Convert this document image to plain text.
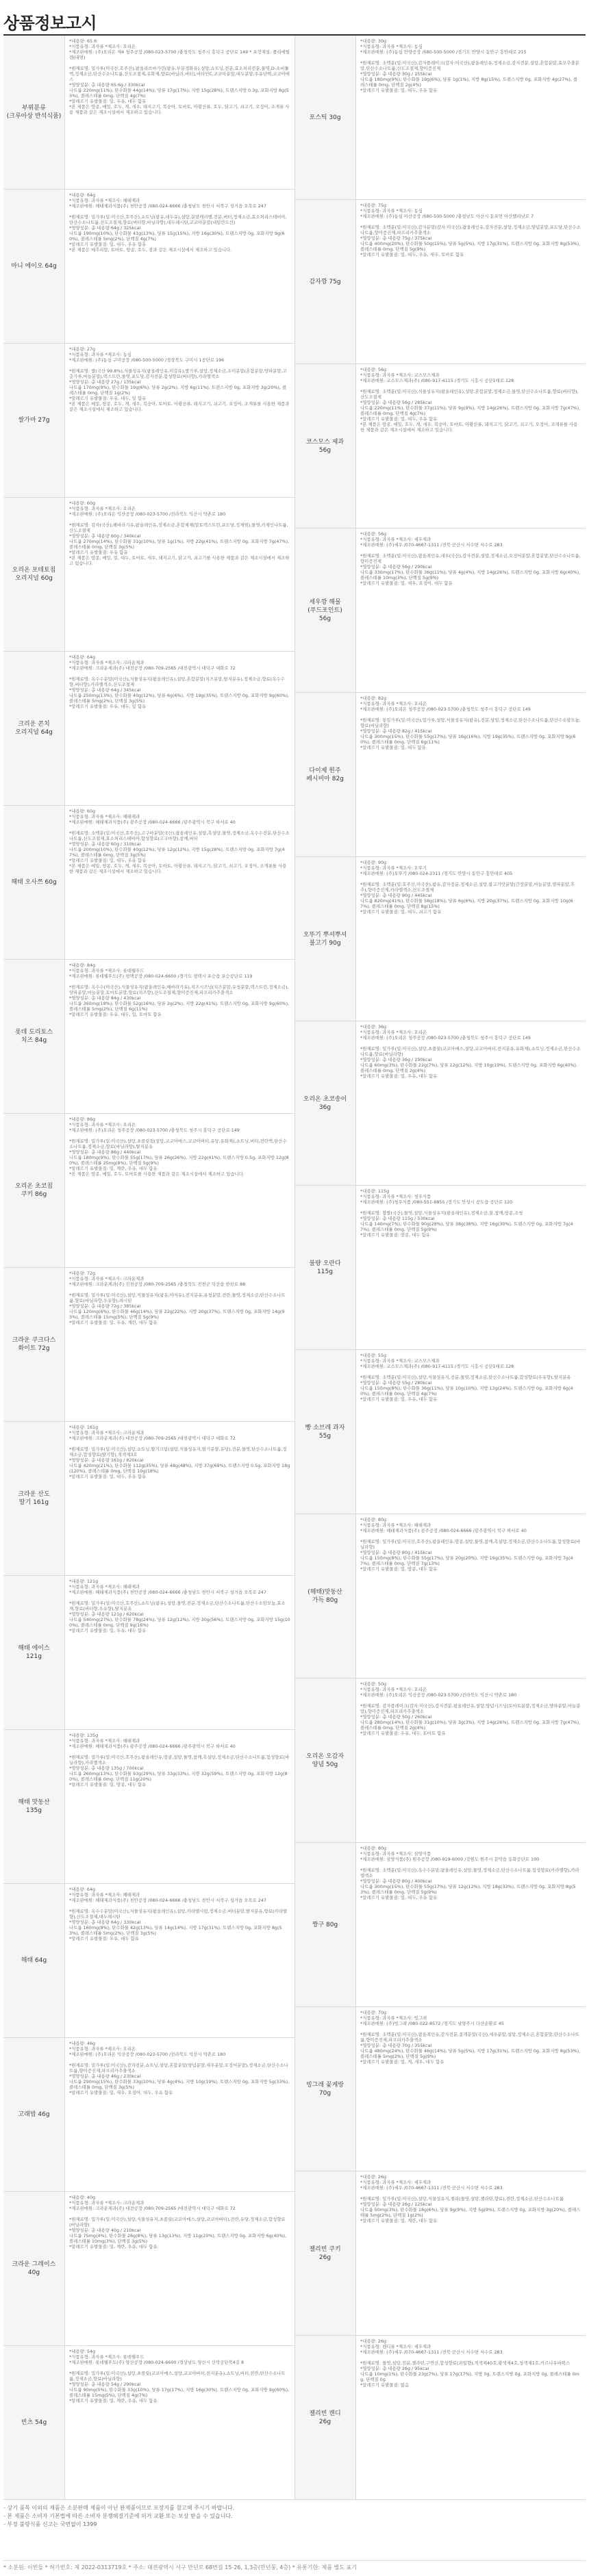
상품정보고시
부위분류
(크루아상 반석식품)
*내용량: 65.6
*식품유형: 과자류 *제조사: 오리온
*제조판매원: (주)오리온 제4 청주공장 /080-023-5700 /충청북도 청주시 흥덕구 공단로 149 * 포장재질: 폴리에틸렌(내면)

*원재료명: 밀가루(미국산,호주산),팜올리브마가린(팜유,부분경화유),설탕,쇼트닝,전분,효소처리전분,물엿,D-소비톨액,정제소금,탄산수소나트륨,산도조절제,유화제,향료(바닐라,버터),비타민C,코코아분말,대두분말,우유단백,코코아매스
*영양성분: 총 내용량 65.6g / 330kcal
나트륨 220mg(11%), 탄수화물 44g(14%), 당류 17g(17%), 지방 15g(28%), 트랜스지방 0.3g, 포화지방 8g(53%), 콜레스테롤 0mg, 단백질 4g(7%)
*알레르기 유발물질: 밀, 우유, 대두 함유
*본 제품은 땅콩, 메밀, 호두, 게, 새우, 돼지고기, 복숭아, 토마토, 아황산류, 호두, 닭고기, 쇠고기, 오징어, 조개류 사용 제품과 같은 제조시설에서 제조하고 있습니다.
마니 에이오 64g
*내용량: 64g
*식품유형: 과자류 *제조사: 해태제과
*제조판매원: 해태제과식품(주) 천안공장 /080-024-6666 /충청남도 천안시 서북구 성거읍 오목로 247

*원재료명: 밀가루(밀:미국산,호주산),쇼트닝(팜유,대두유),설탕,분말캐러멜,전분,버터,정제소금,효소처리스테비아,탄산수소나트륨,산도조절제,향료(버터향,바닐라향),대두레시틴,코코아분말(네덜란드산)
*영양성분: 총 내용량 64g / 325kcal
나트륨 190mg(10%), 탄수화물 41g(13%), 당류 15g(15%), 지방 16g(30%), 트랜스지방 0g, 포화지방 9g(60%), 콜레스테롤 5mg(2%), 단백질 4g(7%)
*알레르기 유발물질: 밀, 대두, 우유 함유
*본 제품은 메추리알, 토마토, 땅콩, 호두, 잣과 같은 제조시설에서 제조하고 있습니다.
쌀가마 27g
*내용량: 27g
*식품유형: 과자류 *제조사: 농심
*제조판매원: (주)농심 구미공장 /080-500-5000 /경상북도 구미시 1공단로 196

*원재료명: 쌀(국산 99.8%),식물성유지(팜올레인유,미강유),쌀가루,설탕,정제소금,조미분말(혼합분말,양파분말,고춧가루,마늘분말),덱스트린,물엿,포도당,감자전분,합성향료(버터향),카라멜색소
*영양성분: 총 내용량 27g / 135kcal
나트륨 170mg(9%), 탄수화물 19g(6%), 당류 2g(2%), 지방 6g(11%), 트랜스지방 0g, 포화지방 3g(20%), 콜레스테롤 0mg, 단백질 1g(2%)
*알레르기 유발물질: 우유, 대두, 밀 함유
*본 제품은 메밀, 땅콩, 호두, 게, 새우, 복숭아, 토마토, 아황산류, 돼지고기, 쇠고기, 오징어, 조개류를 사용한 제품과 같은 제조시설에서 제조하고 있습니다.
오리온 포테토칩
오리지널 60g
*내용량: 60g
*식품유형: 과자류 *제조사: 오리온
*제조판매원: (주)오리온 익산공장 /080-023-5700 /전라북도 익산시 약촌로 180

*원재료명: 감자(국산),해바라기유,팜올레인유,정제소금,혼합제제(말토덱스트린,포도당,정제염),물엿,카제인나트륨,산도조절제
*영양성분: 총 내용량 60g / 340kcal
나트륨 270mg(14%), 탄수화물 31g(10%), 당류 1g(1%), 지방 22g(41%), 트랜스지방 0g, 포화지방 7g(47%), 콜레스테롤 0mg, 단백질 3g(5%)
*알레르기 유발물질: 우유 함유
*본 제품은 땅콩, 메밀, 밀, 대두, 토마토, 새우, 돼지고기, 닭고기, 쇠고기를 사용한 제품과 같은 제조시설에서 제조하고 있습니다.
크리운 콘치
오리지널 64g
*내용량: 64g
*식품유형: 과자류 *제조사: 크라운제과
*제조판매원: 크라운제과(주) 대전공장 /080-709-2565 /대전광역시 대덕구 대화로 72

*원재료명: 옥수수분말(미국산),식물성유지(팜올레인유),설탕,혼합분말(치즈분말,탈지분유),정제소금,향료(옥수수향,버터향),카라멜색소,산도조절제
*영양성분: 총 내용량 64g / 345kcal
나트륨 250mg(13%), 탄수화물 40g(12%), 당류 6g(6%), 지방 19g(35%), 트랜스지방 0g, 포화지방 9g(60%), 콜레스테롤 5mg(2%), 단백질 3g(5%)
*알레르기 유발물질: 우유, 대두, 밀 함유
해태 오사쯔 60g
*내용량: 60g
*식품유형: 과자류 *제조사: 해태제과
*제조판매원: 해태제과식품(주) 광주공장 /080-024-6666 /광주광역시 북구 하서로 40

*원재료명: 소맥분(밀:미국산,호주산),고구마분말(국산),팜올레인유,설탕,흑설탕,물엿,정제소금,옥수수전분,탄산수소나트륨,산도조절제,효소처리스테비아,합성향료(고구마향),참깨,버터
*영양성분: 총 내용량 60g / 310kcal
나트륨 200mg(10%), 탄수화물 40g(12%), 당류 12g(12%), 지방 15g(28%), 트랜스지방 0g, 포화지방 7g(47%), 콜레스테롤 0mg, 단백질 3g(5%)
*알레르기 유발물질: 밀, 대두, 우유 함유
*본 제품은 메밀, 땅콩, 호두, 게, 새우, 복숭아, 토마토, 아황산류, 돼지고기, 닭고기, 쇠고기, 오징어, 조개류를 사용한 제품과 같은 제조시설에서 제조하고 있습니다.
롯데 도리토스
치즈 84g
*내용량: 84g
*식품유형: 과자류 *제조사: 롯데웰푸드
*제조판매원: 롯데웰푸드(주) 평택공장 /080-024-6600 /경기도 평택시 포승읍 포승공단로 119

*원재료명: 옥수수(미국산),식물성유지(팜올레인유,해바라기유),치즈시즈닝(치즈분말,유청분말,덱스트린,정제소금),양파분말,마늘분말,토마토분말,향료(치즈향),산도조절제,향미증진제,파프리카추출색소
*영양성분: 총 내용량 84g / 430kcal
나트륨 360mg(18%), 탄수화물 52g(16%), 당류 2g(2%), 지방 22g(41%), 트랜스지방 0g, 포화지방 9g(60%), 콜레스테롤 5mg(2%), 단백질 6g(11%)
*알레르기 유발물질: 우유, 대두, 밀, 토마토 함유
오리온 초코칩
쿠키 86g
*내용량: 86g
*식품유형: 과자류 *제조사: 오리온
*제조판매원: (주)오리온 청주공장 /080-023-5700 /충청북도 청주시 흥덕구 공단로 149

*원재료명: 밀가루(밀:미국산),설탕,초콜릿칩(설탕,코코아매스,코코아버터,유당,유화제),쇼트닝,버터,전란액,탄산수소나트륨,정제소금,향료(바닐라향),탈지분유
*영양성분: 총 내용량 86g / 440kcal
나트륨 180mg(9%), 탄수화물 55g(17%), 당류 26g(26%), 지방 22g(41%), 트랜스지방 0.5g, 포화지방 12g(80%), 콜레스테롤 25mg(8%), 단백질 5g(9%)
*알레르기 유발물질: 밀, 계란, 우유, 대두 함유
*본 제품은 땅콩, 메밀, 호두, 토마토를 사용한 제품과 같은 제조시설에서 제조하고 있습니다.
크라운 쿠크다스
화이트 72g
*내용량: 72g
*식품유형: 과자류 *제조사: 크라운제과
*제조판매원: 크라운제과(주) 진천공장 /080-709-2565 /충청북도 진천군 덕산읍 한삼로 88

*원재료명: 밀가루(밀:미국산),설탕,식물성유지(팜유,야자유),전지분유,유청분말,전란,물엿,정제소금,탄산수소나트륨,향료(바닐라향,우유향),레시틴
*영양성분: 총 내용량 72g / 385kcal
나트륨 120mg(6%), 탄수화물 46g(14%), 당류 22g(22%), 지방 20g(37%), 트랜스지방 0g, 포화지방 14g(93%), 콜레스테롤 15mg(5%), 단백질 5g(9%)
*알레르기 유발물질: 밀, 우유, 계란, 대두 함유
크라운 산도
딸기 161g
*내용량: 161g
*식품유형: 과자류 *제조사: 크라운제과
*제조판매원: 크라운제과(주) 대전공장 /080-709-2565 /대전광역시 대덕구 대화로 72

*원재료명: 밀가루(밀:미국산),설탕,쇼트닝,딸기크림(설탕,식물성유지,딸기분말,유당),전분,물엿,탄산수소나트륨,정제소금,합성향료(딸기향),적색제3호
*영양성분: 총 내용량 161g / 820kcal
나트륨 420mg(21%), 탄수화물 112g(35%), 당류 48g(48%), 지방 37g(69%), 트랜스지방 0.5g, 포화지방 18g(120%), 콜레스테롤 0mg, 단백질 10g(18%)
*알레르기 유발물질: 밀, 대두, 우유 함유
해태 에이스
121g
*내용량: 121g
*식품유형: 과자류 *제조사: 해태제과
*제조판매원: 해태제과식품(주) 천안공장 /080-024-6666 /충청남도 천안시 서북구 성거읍 오목로 247

*원재료명: 밀가루(밀:미국산,호주산),쇼트닝(팜유),설탕,물엿,전분,정제소금,탄산수소나트륨,탄산수소암모늄,효소제,향료(버터향,우유향),탈지분유
*영양성분: 총 내용량 121g / 620kcal
나트륨 540mg(27%), 탄수화물 78g(24%), 당류 12g(12%), 지방 30g(56%), 트랜스지방 0g, 포화지방 15g(100%), 콜레스테롤 0mg, 단백질 9g(16%)
*알레르기 유발물질: 밀, 우유, 대두 함유
해태 맛동산
135g
*내용량: 135g
*식품유형: 과자류 *제조사: 해태제과
*제조판매원: 해태제과식품(주) 광주공장 /080-024-6666 /광주광역시 북구 하서로 40

*원재료명: 밀가루(밀:미국산,호주산),팜올레인유,땅콩,설탕,물엿,참깨,흑설탕,정제소금,탄산수소나트륨,합성향료(바닐라향),카라멜색소
*영양성분: 총 내용량 135g / 700kcal
나트륨 260mg(13%), 탄수화물 93g(29%), 당류 33g(33%), 지방 32g(59%), 트랜스지방 0g, 포화지방 12g(80%), 콜레스테롤 0mg, 단백질 11g(20%)
*알레르기 유발물질: 밀, 땅콩, 대두 함유
해태 64g
*내용량: 64g
*식품유형: 과자류 *제조사: 해태제과
*제조판매원: 해태제과식품(주) 천안공장 /080-024-6666 /충청남도 천안시 서북구 성거읍 오목로 247

*원재료명: 옥수수분말(미국산),식물성유지(팜올레인유),설탕,카라멜시럽,정제소금,버터분말,탈지분유,향료(카라멜향),산도조절제,대두레시틴
*영양성분: 총 내용량 64g / 330kcal
나트륨 160mg(8%), 탄수화물 42g(13%), 당류 14g(14%), 지방 17g(31%), 트랜스지방 0g, 포화지방 8g(53%), 콜레스테롤 5mg(2%), 단백질 3g(5%)
*알레르기 유발물질: 우유, 대두 함유
고래밥 46g
*내용량: 46g
*식품유형: 과자류 *제조사: 오리온
*제조판매원: (주)오리온 익산공장 /080-023-5700 /전라북도 익산시 약촌로 180

*원재료명: 밀가루(밀:미국산),감자전분,쇼트닝,설탕,혼합분말(양념분말,새우분말,오징어분말),정제소금,탄산수소나트륨,향미증진제,파프리카추출색소
*영양성분: 총 내용량 46g / 230kcal
나트륨 290mg(15%), 탄수화물 33g(10%), 당류 4g(4%), 지방 10g(19%), 트랜스지방 0g, 포화지방 5g(33%), 콜레스테롤 0mg, 단백질 3g(5%)
*알레르기 유발물질: 밀, 새우, 오징어, 대두, 우유 함유
크라운 그레이스
40g
*내용량: 40g
*식품유형: 과자류 *제조사: 크라운제과
*제조판매원: 크라운제과(주) 대전공장 /080-709-2565 /대전광역시 대덕구 대화로 72

*원재료명: 밀가루(밀:미국산),설탕,식물성유지,초콜릿(코코아매스,설탕,코코아버터),전란,유당,정제소금,합성향료(바닐라향)
*영양성분: 총 내용량 40g / 210kcal
나트륨 75mg(4%), 탄수화물 26g(8%), 당류 13g(13%), 지방 11g(20%), 트랜스지방 0g, 포화지방 6g(40%), 콜레스테롤 10mg(3%), 단백질 3g(5%)
*알레르기 유발물질: 밀, 계란, 우유, 대두 함유
빈츠 54g
*내용량: 54g
*식품유형: 과자류 *제조사: 롯데웰푸드
*제조판매원: 롯데웰푸드(주) 양산공장 /080-024-6600 /경상남도 양산시 산막공단북4길 8

*원재료명: 밀가루(밀:미국산),설탕,초콜릿(코코아매스,설탕,코코아버터,전지분유),쇼트닝,버터,전란,탄산수소나트륨,정제소금,향료(바닐라향)
*영양성분: 총 내용량 54g / 290kcal
나트륨 90mg(5%), 탄수화물 33g(10%), 당류 17g(17%), 지방 16g(30%), 트랜스지방 0g, 포화지방 9g(60%), 콜레스테롤 15mg(5%), 단백질 4g(7%)
*알레르기 유발물질: 밀, 계란, 우유, 대두 함유
포스틱 30g
*내용량: 30g
*식품유형: 과자류 *제조사: 농심
*제조판매원: (주)농심 안양공장 /080-500-5000 /경기도 안양시 동안구 흥안대로 215

*원재료명: 소맥분(밀:미국산),감자플레이크(감자:미국산),팜올레인유,정제소금,감자전분,설탕,혼합분말,효모추출분말,탄산수소나트륨,산도조절제,향미증진제
*영양성분: 총 내용량 30g / 155kcal
나트륨 180mg(9%), 탄수화물 19g(6%), 당류 1g(1%), 지방 8g(15%), 트랜스지방 0g, 포화지방 4g(27%), 콜레스테롤 0mg, 단백질 2g(4%)
*알레르기 유발물질: 밀, 대두, 우유 함유
감자깡 75g
*내용량: 75g
*식품유형: 과자류 *제조사: 농심
*제조판매원: (주)농심 아산공장 /080-500-5000 /충청남도 아산시 둔포면 아산밸리남로 7

*원재료명: 소맥분(밀:미국산),감자분말(감자:미국산),팜올레인유,감자전분,설탕,정제소금,양념분말,포도당,탄산수소나트륨,향미증진제,파프리카추출색소
*영양성분: 총 내용량 75g / 375kcal
나트륨 400mg(20%), 탄수화물 50g(15%), 당류 5g(5%), 지방 17g(31%), 트랜스지방 0g, 포화지방 8g(53%), 콜레스테롤 0mg, 단백질 5g(9%)
*알레르기 유발물질: 밀, 대두, 우유, 새우, 토마토 함유
코스모스 제과
56g
*내용량: 56g
*식품유형: 과자류 *제조사: 코스모스제과
*제조판매원: 코스모스제과(주) /080-917-4115 /경기도 시흥시 공단1대로 128

*원재료명: 소맥분(밀:미국산),식물성유지(팜올레인유),설탕,혼합분말,정제소금,물엿,탄산수소나트륨,향료(버터향),산도조절제
*영양성분: 총 내용량 56g / 285kcal
나트륨 220mg(11%), 탄수화물 37g(11%), 당류 9g(9%), 지방 14g(26%), 트랜스지방 0g, 포화지방 7g(47%), 콜레스테롤 0mg, 단백질 4g(7%)
*알레르기 유발물질: 밀, 대두, 우유 함유
*본 제품은 땅콩, 메밀, 호두, 게, 새우, 복숭아, 토마토, 아황산류, 돼지고기, 닭고기, 쇠고기, 오징어, 조개류를 사용한 제품과 같은 제조시설에서 제조하고 있습니다.
세우깡 해물
(푸드포인트)
56g
*내용량: 56g
*식품유형: 과자류 *제조사: 세우제과
*제조판매원: (주)세우 /070-4667-1311 /전북 군산시 서수면 서수로 283

*원재료명: 소맥분(밀:미국산),팜올레인유,새우(국산),감자전분,설탕,정제소금,오징어분말,혼합분말,탄산수소나트륨,향미증진제
*영양성분: 총 내용량 56g / 290kcal
나트륨 330mg(17%), 탄수화물 36g(11%), 당류 4g(4%), 지방 14g(26%), 트랜스지방 0g, 포화지방 6g(40%), 콜레스테롤 10mg(3%), 단백질 5g(9%)
*알레르기 유발물질: 밀, 새우, 오징어, 대두 함유
다이제 원주
페시비아 82g
*내용량: 82g
*식품유형: 과자류 *제조사: 오리온
*제조판매원: (주)오리온 청주공장 /080-023-5700 /충청북도 청주시 흥덕구 공단로 149

*원재료명: 통밀가루(밀:미국산),밀가루,설탕,식물성유지(팜유),전분,당밀,정제소금,탄산수소나트륨,탄산수소암모늄,향료(바닐라향)
*영양성분: 총 내용량 82g / 415kcal
나트륨 300mg(15%), 탄수화물 55g(17%), 당류 16g(16%), 지방 19g(35%), 트랜스지방 0g, 포화지방 9g(60%), 콜레스테롤 0mg, 단백질 6g(11%)
*알레르기 유발물질: 밀, 대두 함유
오뚜기 뿌셔뿌셔
불고기 90g
*내용량: 90g
*식품유형: 과자류 *제조사: 오뚜기
*제조판매원: (주)오뚜기 /080-024-2311 /경기도 안양시 동안구 흥안대로 405

*원재료명: 소맥분(밀:호주산,미국산),팜유,감자전분,정제소금,설탕,불고기맛분말(간장분말,마늘분말,양파분말,후추),향미증진제,카라멜색소,산도조절제
*영양성분: 총 내용량 90g / 445kcal
나트륨 820mg(41%), 탄수화물 58g(18%), 당류 6g(6%), 지방 20g(37%), 트랜스지방 0g, 포화지방 10g(67%), 콜레스테롤 0mg, 단백질 8g(15%)
*알레르기 유발물질: 밀, 대두, 쇠고기 함유
오리온 초코송이
36g
*내용량: 36g
*식품유형: 과자류 *제조사: 오리온
*제조판매원: (주)오리온 청주공장 /080-023-5700 /충청북도 청주시 흥덕구 공단로 149

*원재료명: 밀가루(밀:미국산),설탕,초콜릿(코코아매스,설탕,코코아버터,전지분유,유화제),쇼트닝,정제소금,탄산수소나트륨,향료(바닐라향)
*영양성분: 총 내용량 36g / 190kcal
나트륨 60mg(3%), 탄수화물 22g(7%), 당류 12g(12%), 지방 10g(19%), 트랜스지방 0g, 포화지방 6g(40%), 콜레스테롤 0mg, 단백질 2g(4%)
*알레르기 유발물질: 밀, 우유, 대두 함유
불량 오란다
115g
*내용량: 115g
*식품유형: 과자류 *제조사: 청우식품
*제조판매원: (주)청우식품 /080-551-8855 /경기도 안성시 공도읍 공단로 120

*원재료명: 찹쌀(국산),물엿,설탕,식물성유지(팜올레인유),정제소금,꿀,참깨,땅콩,조청
*영양성분: 총 내용량 115g / 530kcal
나트륨 140mg(7%), 탄수화물 90g(28%), 당류 38g(38%), 지방 16g(30%), 트랜스지방 0g, 포화지방 7g(47%), 콜레스테롤 0mg, 단백질 5g(9%)
*알레르기 유발물질: 땅콩, 대두 함유
빵 소브레 과자
55g
*내용량: 55g
*식품유형: 과자류 *제조사: 코스모스제과
*제조판매원: 코스모스제과(주) /080-917-4115 /경기도 시흥시 공단1대로 128

*원재료명: 소맥분(밀:미국산),설탕,식물성유지,전분,물엿,정제소금,탄산수소나트륨,합성향료(우유향),탈지분유
*영양성분: 총 내용량 55g / 280kcal
나트륨 150mg(8%), 탄수화물 36g(11%), 당류 10g(10%), 지방 13g(24%), 트랜스지방 0g, 포화지방 6g(40%), 콜레스테롤 0mg, 단백질 4g(7%)
*알레르기 유발물질: 밀, 우유, 대두 함유
(해태)맛동산
가득 80g
*내용량: 80g
*식품유형: 과자류 *제조사: 해태제과
*제조판매원: 해태제과식품(주) 광주공장 /080-024-6666 /광주광역시 북구 하서로 40

*원재료명: 밀가루(밀:미국산,호주산),팜올레인유,땅콩,설탕,물엿,참깨,흑설탕,정제소금,탄산수소나트륨,합성향료(바닐라향)
*영양성분: 총 내용량 80g / 415kcal
나트륨 150mg(8%), 탄수화물 55g(17%), 당류 20g(20%), 지방 19g(35%), 트랜스지방 0g, 포화지방 7g(47%), 콜레스테롤 0mg, 단백질 7g(13%)
*알레르기 유발물질: 밀, 땅콩, 대두 함유
오리온 오감자
양념 50g
*내용량: 50g
*식품유형: 과자류 *제조사: 오리온
*제조판매원: (주)오리온 익산공장 /080-023-5700 /전라북도 익산시 약촌로 180

*원재료명: 감자플레이크(감자:미국산),감자전분,팜올레인유,설탕,양념시즈닝(토마토분말,정제소금,양파분말,마늘분말),향미증진제,파프리카추출색소
*영양성분: 총 내용량 50g / 260kcal
나트륨 280mg(14%), 탄수화물 31g(10%), 당류 3g(3%), 지방 14g(26%), 트랜스지방 0g, 포화지방 7g(47%), 콜레스테롤 0mg, 단백질 2g(4%)
*알레르기 유발물질: 우유, 대두, 토마토 함유
짱구 80g
*내용량: 80g
*식품유형: 과자류 *제조사: 삼양식품
*제조판매원: 삼양식품(주) 원주공장 /080-919-6000 /강원도 원주시 문막읍 동화공단로 100

*원재료명: 소맥분(밀:미국산),옥수수분말,팜올레인유,설탕,물엿,정제소금,탄산수소나트륨,합성향료(카라멜향),카라멜색소
*영양성분: 총 내용량 80g / 400kcal
나트륨 300mg(15%), 탄수화물 55g(17%), 당류 12g(12%), 지방 18g(33%), 트랜스지방 0g, 포화지방 8g(53%), 콜레스테롤 0mg, 단백질 5g(9%)
*알레르기 유발물질: 밀, 대두, 우유 함유
빙그레 꽃게랑
70g
*내용량: 70g
*식품유형: 과자류 *제조사: 빙그레
*제조판매원: (주)빙그레 /080-022-8572 /경기도 남양주시 다산순환로 45

*원재료명: 소맥분(밀:미국산),팜올레인유,감자전분,꽃게분말(국산),새우분말,설탕,정제소금,혼합분말,탄산수소나트륨,향미증진제,파프리카추출색소
*영양성분: 총 내용량 70g / 355kcal
나트륨 480mg(24%), 탄수화물 46g(14%), 당류 5g(5%), 지방 17g(31%), 트랜스지방 0g, 포화지방 8g(53%), 콜레스테롤 5mg(2%), 단백질 5g(9%)
*알레르기 유발물질: 밀, 게, 새우, 대두 함유
젤리빈 쿠키
26g
*내용량: 26g
*식품유형: 과자류 *제조사: 세우제과
*제조판매원: (주)세우 /070-4667-1311 /전북 군산시 서수면 서수로 283

*원재료명: 밀가루(밀:미국산),설탕,식물성유지,젤리(물엿,설탕,젤라틴,향료),전란,정제소금,탄산수소나트륨
*영양성분: 총 내용량 26g / 125kcal
나트륨 50mg(3%), 탄수화물 18g(6%), 당류 9g(9%), 지방 5g(9%), 트랜스지방 0g, 포화지방 3g(20%), 콜레스테롤 5mg(2%), 단백질 1g(2%)
*알레르기 유발물질: 밀, 계란, 대두 함유
젤리빈 캔디
26g
*내용량: 26g
*식품유형: 캔디류 *제조사: 세우제과
*제조판매원: (주)세우 /070-4667-1311 /전북 군산시 서수면 서수로 283

*원재료명: 물엿,설탕,전분,젤라틴,구연산,합성향료(과일향),적색제40호,황색제4호,청색제1호,카르나우바왁스
*영양성분: 총 내용량 26g / 95kcal
나트륨 10mg(1%), 탄수화물 23g(7%), 당류 17g(17%), 지방 0g, 트랜스지방 0g, 포화지방 0g, 콜레스테롤 0mg, 단백질 0g
*알레르기 유발물질: 없음

- 상기 품목 이외의 제품은 소분판매 제품이 아닌 완제품이므로 포장지를 참고해 주시기 바랍니다.

- 본 제품은 소비자 기본법에 따른 소비자 분쟁해결기준에 의거 교환 또는 보상 받을 수 있습니다.

- 부정 불량식품 신고는 국번없이 1399

* 소분원: 이빈들 * 허가번호: 제 2022-0313719호 * 주소: 대전광역시 서구 만년로 68번길 15-26, 1,3층(만년동, 4층) * 유통기한: 제품 별도 표기
